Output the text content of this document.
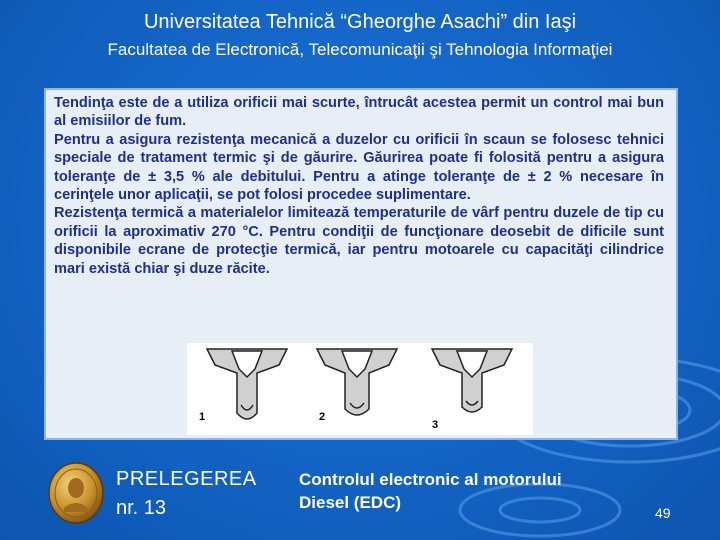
Universitatea Tehnică “Gheorghe Asachi” din Iaşi
Facultatea de Electronică, Telecomunicaţii şi Tehnologia Informaţiei

Tendinţa este de a utiliza orificii mai scurte, întrucât acestea permit un control mai bun al emisiilor de fum.

Pentru a asigura rezistenţa mecanică a duzelor cu orificii în scaun se folosesc tehnici speciale de tratament termic şi de găurire. Găurirea poate fi folosită pentru a asigura toleranţe de ± 3,5 % ale debitului. Pentru a atinge toleranţe de ± 2 % necesare în cerinţele unor aplicaţii, se pot folosi procedee suplimentare.

Rezistenţa termică a materialelor limitează temperaturile de vârf pentru duzele de tip cu orificii la aproximativ 270 °C. Pentru condiţii de funcţionare deosebit de dificile sunt disponibile ecrane de protecţie termică, iar pentru motoarele cu capacităţi cilindrice mari există chiar şi duze răcite.

1	2
3
PRELEGEREA
nr. 13
Controlul electronic al motorului
Diesel (EDC)
49
